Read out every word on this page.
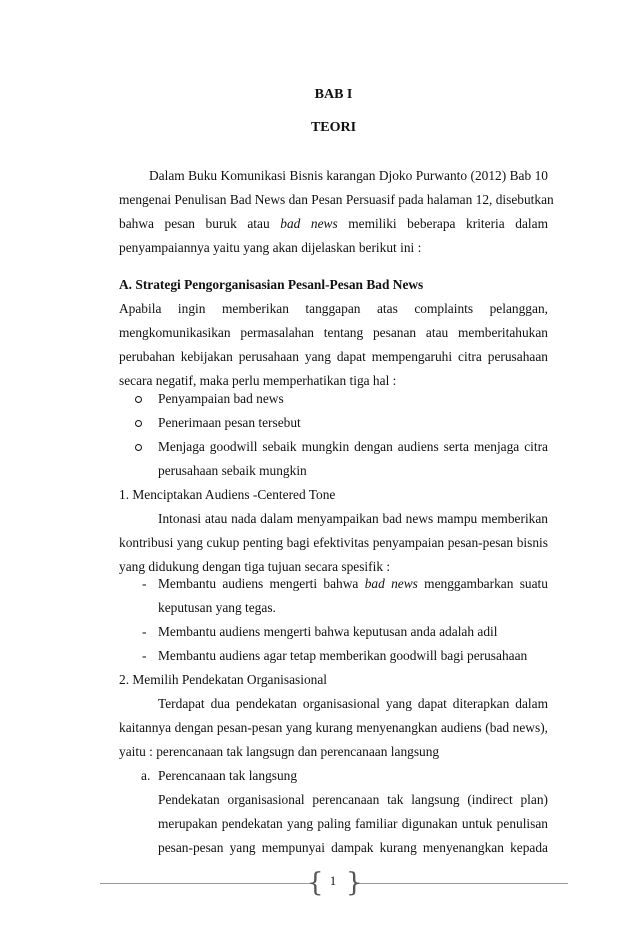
BAB I
TEORI
Dalam Buku Komunikasi Bisnis karangan Djoko Purwanto (2012) Bab 10
mengenai Penulisan Bad News dan Pesan Persuasif pada halaman 12, disebutkan
bahwa pesan buruk atau bad news memiliki beberapa kriteria dalam
penyampaiannya yaitu yang akan dijelaskan berikut ini :
A. Strategi Pengorganisasian Pesanl-Pesan Bad News
Apabila ingin memberikan tanggapan atas complaints pelanggan,
mengkomunikasikan permasalahan tentang pesanan atau memberitahukan
perubahan kebijakan perusahaan yang dapat mempengaruhi citra perusahaan
secara negatif, maka perlu memperhatikan tiga hal :
Penyampaian bad news
Penerimaan pesan tersebut
Menjaga goodwill sebaik mungkin dengan audiens serta menjaga citra
perusahaan sebaik mungkin
1. Menciptakan Audiens -Centered Tone
Intonasi atau nada dalam menyampaikan bad news mampu memberikan
kontribusi yang cukup penting bagi efektivitas penyampaian pesan-pesan bisnis
yang didukung dengan tiga tujuan secara spesifik :
- Membantu audiens mengerti bahwa bad news menggambarkan suatu
keputusan yang tegas.
- Membantu audiens mengerti bahwa keputusan anda adalah adil
- Membantu audiens agar tetap memberikan goodwill bagi perusahaan
2. Memilih Pendekatan Organisasional
Terdapat dua pendekatan organisasional yang dapat diterapkan dalam
kaitannya dengan pesan-pesan yang kurang menyenangkan audiens (bad news),
yaitu : perencanaan tak langsugn dan perencanaan langsung
a. Perencanaan tak langsung
Pendekatan organisasional perencanaan tak langsung (indirect plan)
merupakan pendekatan yang paling familiar digunakan untuk penulisan
pesan-pesan yang mempunyai dampak kurang menyenangkan kepada
{ }
1
